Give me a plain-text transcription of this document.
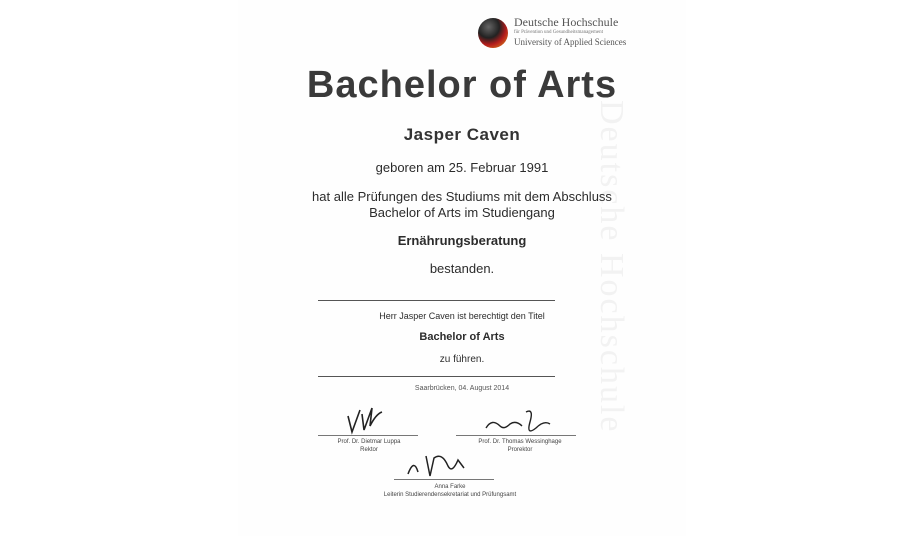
Deutsche Hochschule
Deutsche Hochschule
für Prävention und Gesundheitsmanagement
University of Applied Sciences
Bachelor of Arts
Jasper Caven
geboren am 25. Februar 1991
hat alle Prüfungen des Studiums mit dem Abschluss
Bachelor of Arts im Studiengang
Ernährungsberatung
bestanden.
Herr Jasper Caven ist berechtigt den Titel
Bachelor of Arts
zu führen.
Saarbrücken, 04. August 2014
Prof. Dr. Dietmar Luppa
Rektor
Prof. Dr. Thomas Wessinghage
Prorektor
Anna Farke
Leiterin Studierendensekretariat und Prüfungsamt
